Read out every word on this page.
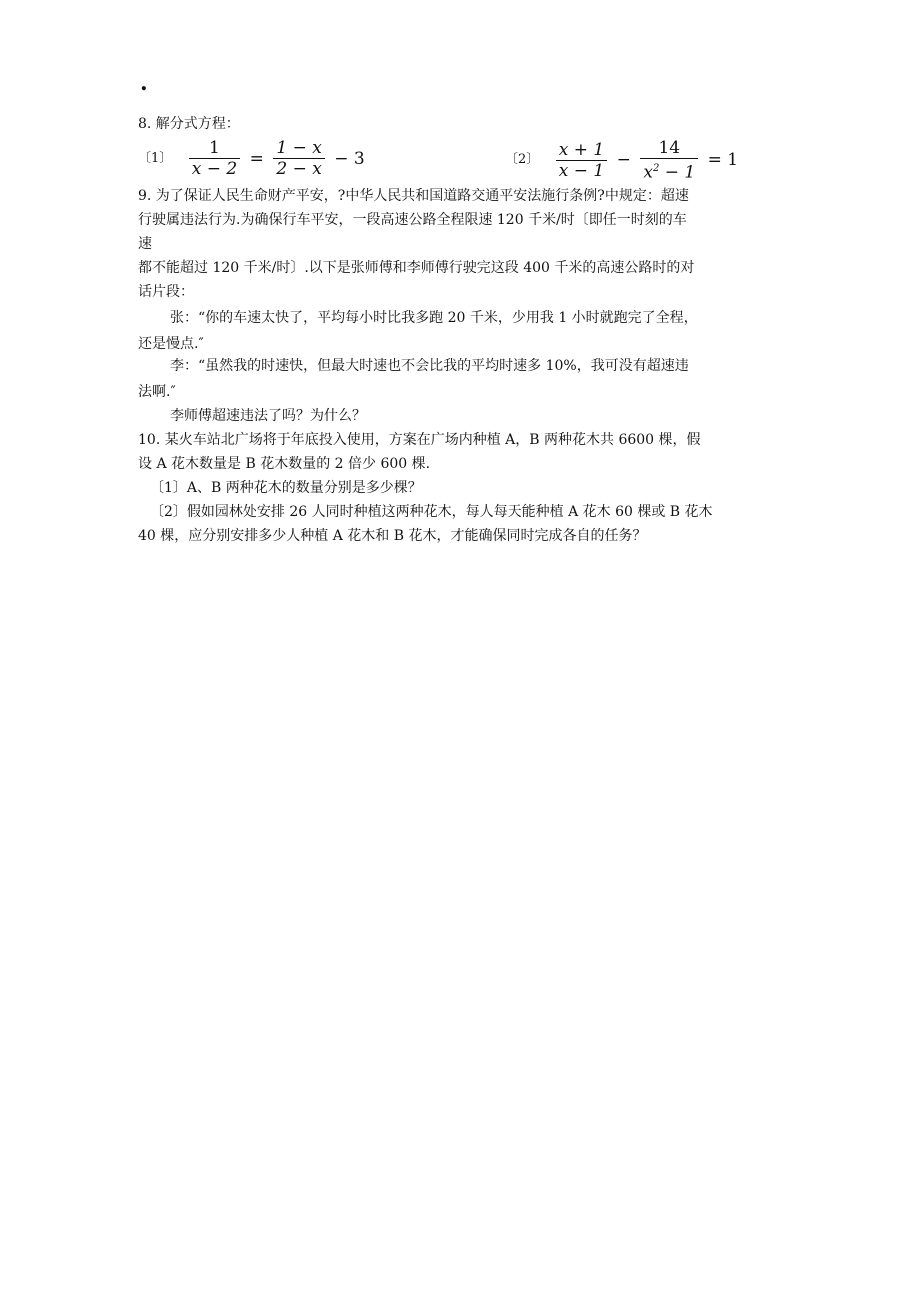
.
8. 解分式方程：
〔1〕 $\frac{1}{x - 2} = \frac{1 - x}{2 - x} - 3$	〔2〕 $\frac{x + 1}{x - 1} - \frac{14}{x^2 - 1} = 1$
9. 为了保证人民生命财产平安，?中华人民共和国道路交通平安法施行条例?中规定：超速
行驶属违法行为.为确保行车平安，一段高速公路全程限速 120 千米/时〔即任一时刻的车
速
都不能超过 120 千米/时〕.以下是张师傅和李师傅行驶完这段 400 千米的高速公路时的对
话片段：
张：“你的车速太快了，平均每小时比我多跑 20 千米，少用我 1 小时就跑完了全程，
还是慢点.″
李：“虽然我的时速快，但最大时速也不会比我的平均时速多 10%，我可没有超速违
法啊.″
李师傅超速违法了吗？为什么？
10. 某火车站北广场将于年底投入使用，方案在广场内种植 A，B 两种花木共 6600 棵，假
设 A 花木数量是 B 花木数量的 2 倍少 600 棵.
〔1〕A、B 两种花木的数量分别是多少棵？
〔2〕假如园林处安排 26 人同时种植这两种花木，每人每天能种植 A 花木 60 棵或 B 花木
40 棵，应分别安排多少人种植 A 花木和 B 花木，才能确保同时完成各自的任务？
